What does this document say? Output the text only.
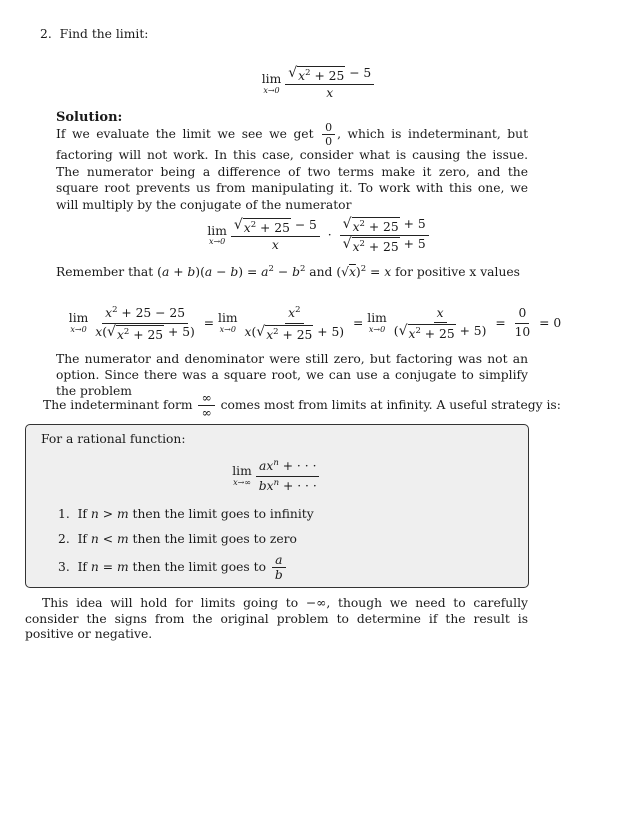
2. Find the limit:
lim
$x\to 0 \frac{√ x^2 + 25 - 5}{x}$
Solution:
If we evaluate the limit we see we get $\frac{0}{0}$ , which is indeterminant, but factoring will not work. In this case, consider what is causing the issue. The numerator being a difference of two terms make it zero, and the square root prevents us from manipulating it. To work with this one, we will multiply by the conjugate of the numerator
lim
$x\to 0 \frac{√ x^2 + 25 - 5}{x} \cdot \frac{√ x^2 + 25 + 5}{√ x^2 + 25 + 5}$
Remember that $(a + b)(a - b) = a^2 - b^2$ and $(√x)^2 = x$ for positive x values
lim
$x\to 0 \frac{x^2 + 25 - 25}{x( √ x^2 + 25 + 5)} = \lim$
$x\to 0 \frac{x^2}{x( √ x^2 + 25 + 5)} = \lim$
$x\to 0 \frac{x}{( √ x^2 + 25 + 5)} = \frac{0}{10} = 0$
The numerator and denominator were still zero, but factoring was not an option. Since there was a square root, we can use a conjugate to simplify the problem
The indeterminant form $\frac{\infty}{\infty}$ comes most from limits at infinity. A useful strategy is:
For a rational function:
lim
$x\to\infty \frac{ax^n + \cdot \cdot \cdot}{bx^n + \cdot \cdot \cdot}$
1. If n > m then the limit goes to infinity
2. If n < m then the limit goes to zero
3. If n = m then the limit goes to $\frac{a}{b}$
This idea will hold for limits going to −∞, though we need to carefully consider the signs from the original problem to determine if the result is positive or negative.
